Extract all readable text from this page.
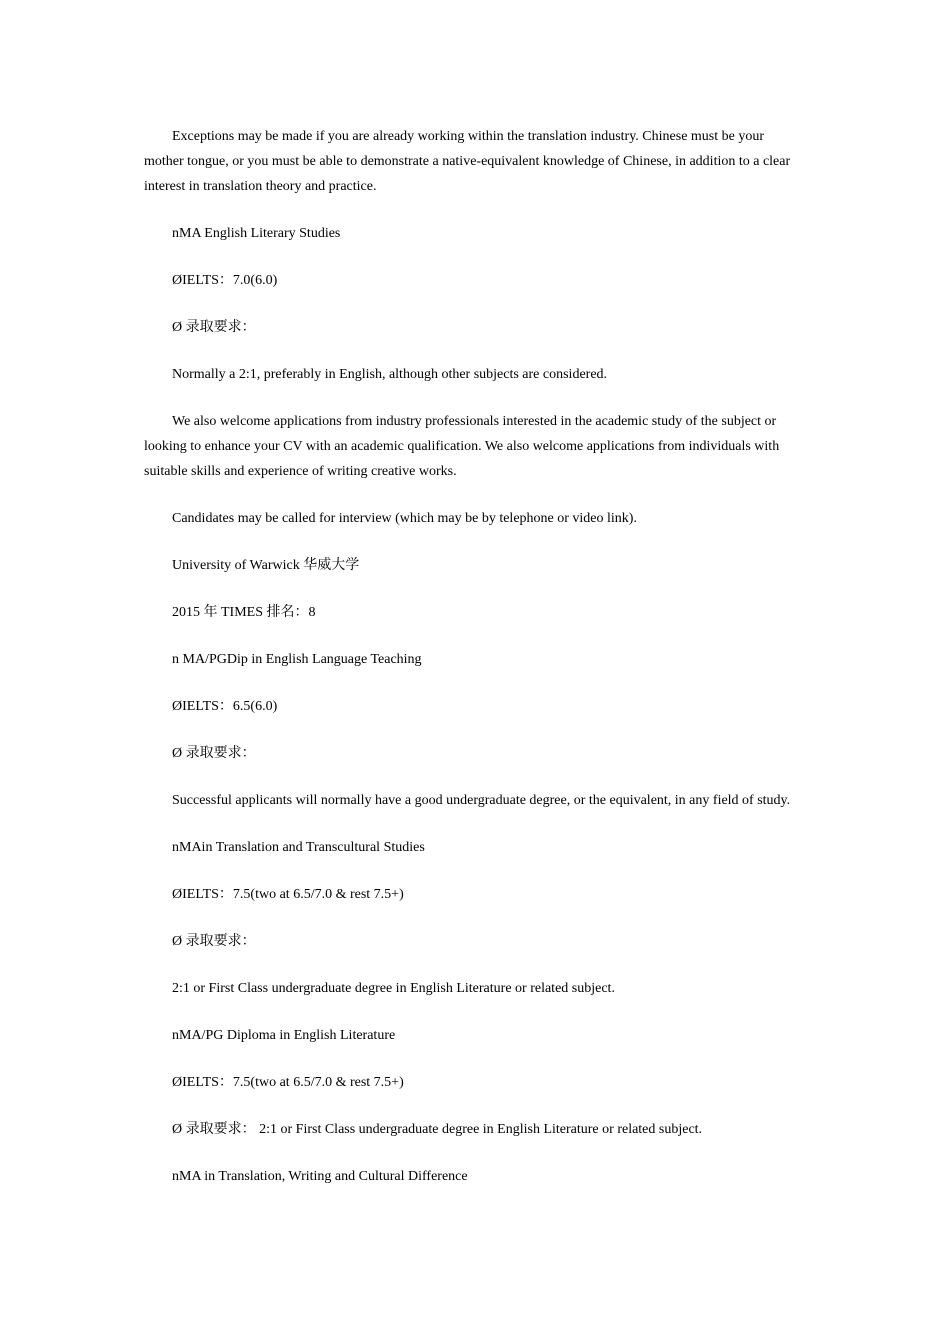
Exceptions may be made if you are already working within the translation industry. Chinese must be your mother tongue, or you must be able to demonstrate a native-equivalent knowledge of Chinese, in addition to a clear interest in translation theory and practice.

nMA English Literary Studies

ØIELTS：7.0(6.0)

Ø 录取要求：

Normally a 2:1, preferably in English, although other subjects are considered.

We also welcome applications from industry professionals interested in the academic study of the subject or looking to enhance your CV with an academic qualification. We also welcome applications from individuals with suitable skills and experience of writing creative works.

Candidates may be called for interview (which may be by telephone or video link).

University of Warwick 华威大学

2015 年 TIMES 排名：8

n MA/PGDip in English Language Teaching

ØIELTS：6.5(6.0)

Ø 录取要求：

Successful applicants will normally have a good undergraduate degree, or the equivalent, in any field of study.

nMAin Translation and Transcultural Studies

ØIELTS：7.5(two at 6.5/7.0 & rest 7.5+)

Ø 录取要求：

2:1 or First Class undergraduate degree in English Literature or related subject.

nMA/PG Diploma in English Literature

ØIELTS：7.5(two at 6.5/7.0 & rest 7.5+)

Ø 录取要求： 2:1 or First Class undergraduate degree in English Literature or related subject.

nMA in Translation, Writing and Cultural Difference
